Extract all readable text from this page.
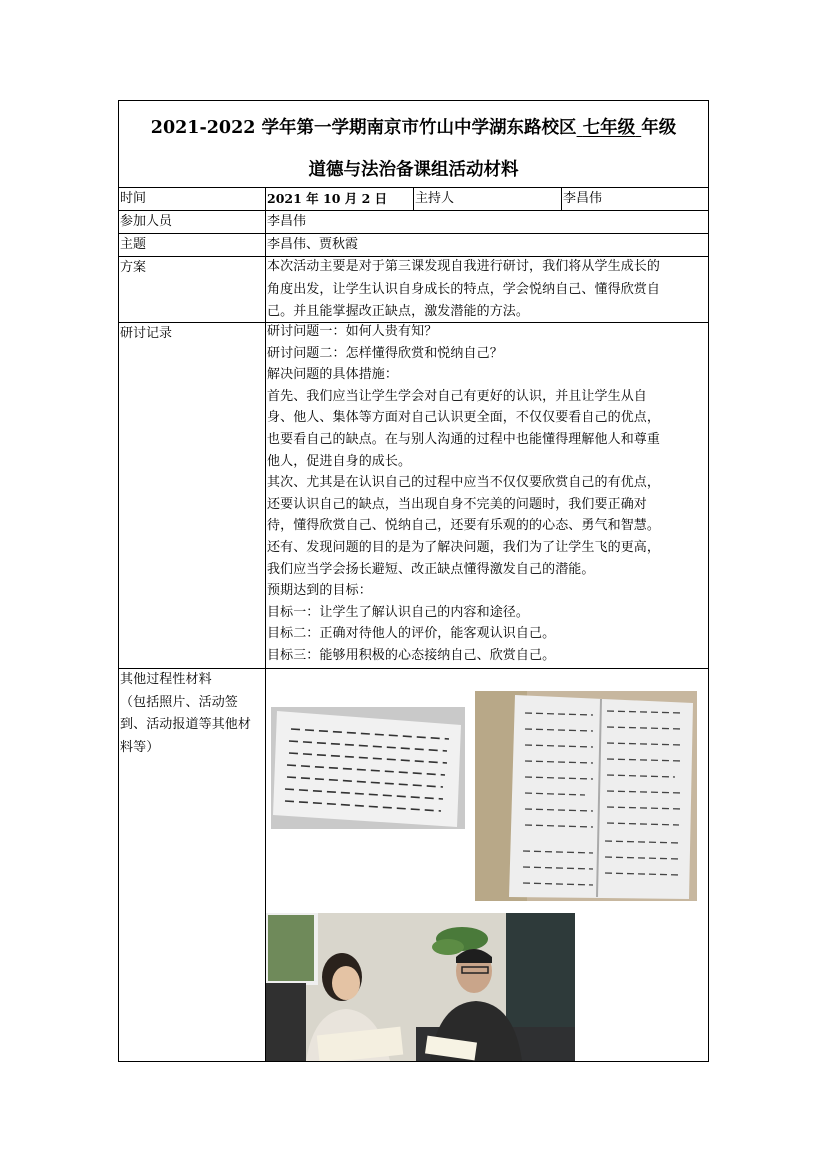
2021-2022 学年第一学期南京市竹山中学湖东路校区 七年级 年级
道德与法治备课组活动材料
时间	2021 年 10 月 2 日 主持人	李昌伟
参加人员	李昌伟
主题	李昌伟、贾秋霞
方案	本次活动主要是对于第三课发现自我进行研讨，我们将从学生成长的
角度出发，让学生认识自身成长的特点，学会悦纳自己、懂得欣赏自
己。并且能掌握改正缺点，激发潜能的方法。
研讨记录	研讨问题一：如何人贵有知？
研讨问题二：怎样懂得欣赏和悦纳自己？
解决问题的具体措施：
首先、我们应当让学生学会对自己有更好的认识，并且让学生从自
身、他人、集体等方面对自己认识更全面，不仅仅要看自己的优点，
也要看自己的缺点。在与别人沟通的过程中也能懂得理解他人和尊重
他人，促进自身的成长。
其次、尤其是在认识自己的过程中应当不仅仅要欣赏自己的有优点，
还要认识自己的缺点，当出现自身不完美的问题时，我们要正确对
待，懂得欣赏自己、悦纳自己，还要有乐观的的心态、勇气和智慧。
还有、发现问题的目的是为了解决问题，我们为了让学生飞的更高，
我们应当学会扬长避短、改正缺点懂得激发自己的潜能。
预期达到的目标：
目标一：让学生了解认识自己的内容和途径。
目标二：正确对待他人的评价，能客观认识自己。
目标三：能够用积极的心态接纳自己、欣赏自己。
其他过程性材料
（包括照片、活动签
到、活动报道等其他材
料等）
